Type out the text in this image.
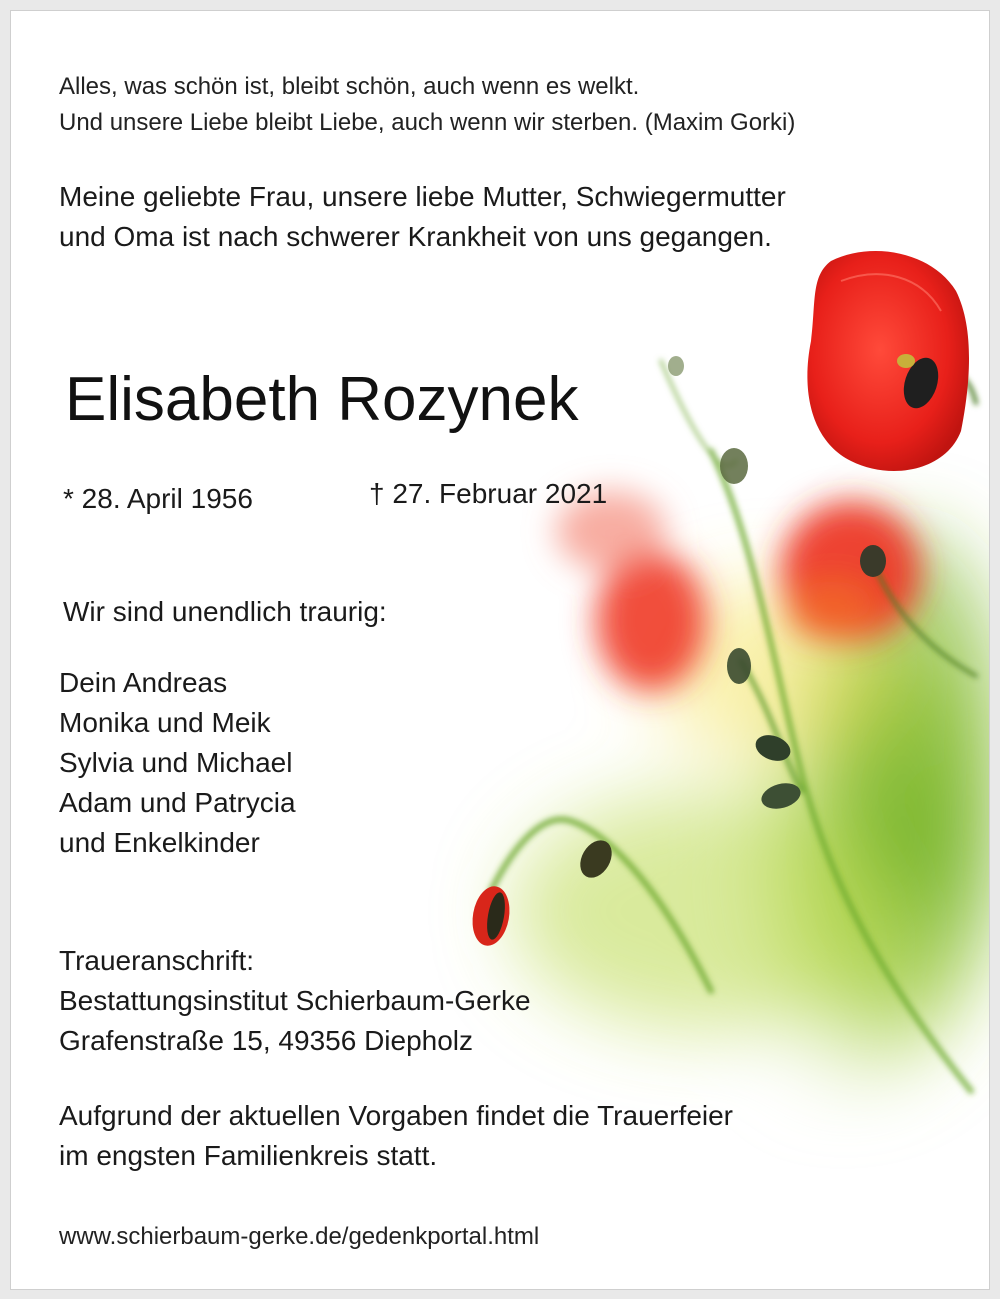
Alles, was schön ist, bleibt schön, auch wenn es welkt.
Und unsere Liebe bleibt Liebe, auch wenn wir sterben. (Maxim Gorki)
Meine geliebte Frau, unsere liebe Mutter, Schwiegermutter
und Oma ist nach schwerer Krankheit von uns gegangen.
Elisabeth Rozynek
* 28. April 1956	† 27. Februar 2021
Wir sind unendlich traurig:
Dein Andreas
Monika und Meik
Sylvia und Michael
Adam und Patrycia
und Enkelkinder
Traueranschrift:
Bestattungsinstitut Schierbaum-Gerke
Grafenstraße 15, 49356 Diepholz
Aufgrund der aktuellen Vorgaben findet die Trauerfeier
im engsten Familienkreis statt.
www.schierbaum-gerke.de/gedenkportal.html
